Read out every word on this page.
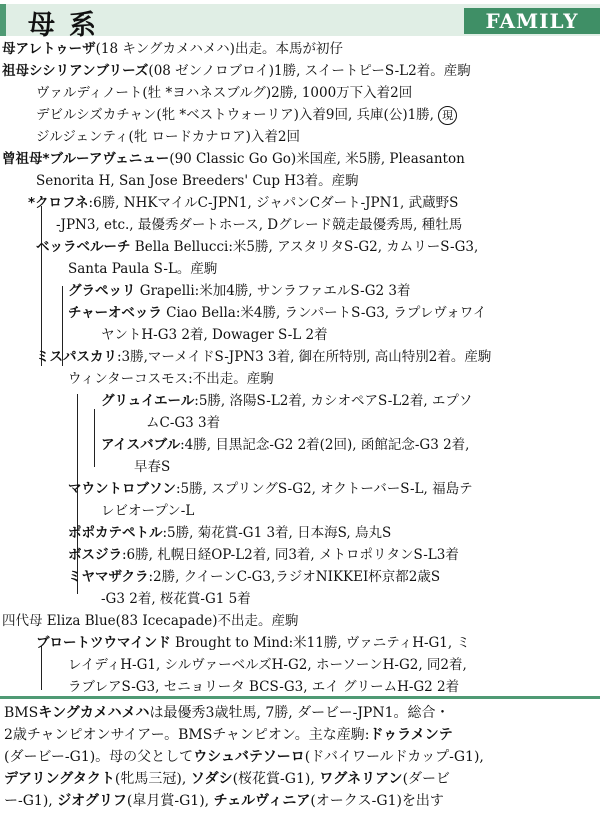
母系	FAMILY
母アレトゥーザ(18 キングカメハメハ)出走。本馬が初仔
祖母シシリアンブリーズ(08 ゼンノロブロイ)1勝, スイートピーS-L2着。産駒
ヴァルディノート(牡 *ヨハネスブルグ)2勝, 1000万下入着2回
デビルシズカチャン(牝 *ベストウォーリア)入着9回, 兵庫(公)1勝, 現
ジルジェンティ(牝 ロードカナロア)入着2回
曾祖母*ブルーアヴェニュー(90 Classic Go Go)米国産, 米5勝, Pleasanton
Senorita H, San Jose Breeders' Cup H3着。産駒
*クロフネ:6勝, NHKマイルC-JPN1, ジャパンCダート-JPN1, 武蔵野S
-JPN3, etc., 最優秀ダートホース, Dグレード競走最優秀馬, 種牡馬
ベッラベルーチ Bella Bellucci:米5勝, アスタリタS-G2, カムリーS-G3,
Santa Paula S-L。産駒
グラペッリ Grapelli:米加4勝, サンラファエルS-G2 3着
チャーオベッラ Ciao Bella:米4勝, ランパートS-G3, ラプレヴォワイ
ヤントH-G3 2着, Dowager S-L 2着
ミスパスカリ:3勝,マーメイドS-JPN3 3着, 御在所特別, 高山特別2着。産駒
ウィンターコスモス:不出走。産駒
グリュイエール:5勝, 洛陽S-L2着, カシオペアS-L2着, エプソ
ムC-G3 3着
アイスバブル:4勝, 目黒記念-G2 2着(2回), 函館記念-G3 2着,
早春S
マウントロブソン:5勝, スプリングS-G2, オクトーバーS-L, 福島テ
レビオープン-L
ポポカテペトル:5勝, 菊花賞-G1 3着, 日本海S, 烏丸S
ボスジラ:6勝, 札幌日経OP-L2着, 同3着, メトロポリタンS-L3着
ミヤマザクラ:2勝, クイーンC-G3,ラジオNIKKEI杯京都2歳S
-G3 2着, 桜花賞-G1 5着
四代母 Eliza Blue(83 Icecapade)不出走。産駒
ブロートツウマインド Brought to Mind:米11勝, ヴァニティH-G1, ミ
レイディH-G1, シルヴァーベルズH-G2, ホーソーンH-G2, 同2着,
ラブレアS-G3, セニョリータ BCS-G3, エイ グリームH-G2 2着
BMSキングカメハメハは最優秀3歳牡馬, 7勝, ダービー-JPN1。総合・
2歳チャンピオンサイアー。BMSチャンピオン。主な産駒:ドゥラメンテ
(ダービー-G1)。母の父としてウシュバテソーロ(ドバイワールドカップ-G1),
デアリングタクト(牝馬三冠), ソダシ(桜花賞-G1), ワグネリアン(ダービ
ー-G1), ジオグリフ(皐月賞-G1), チェルヴィニア(オークス-G1)を出す
